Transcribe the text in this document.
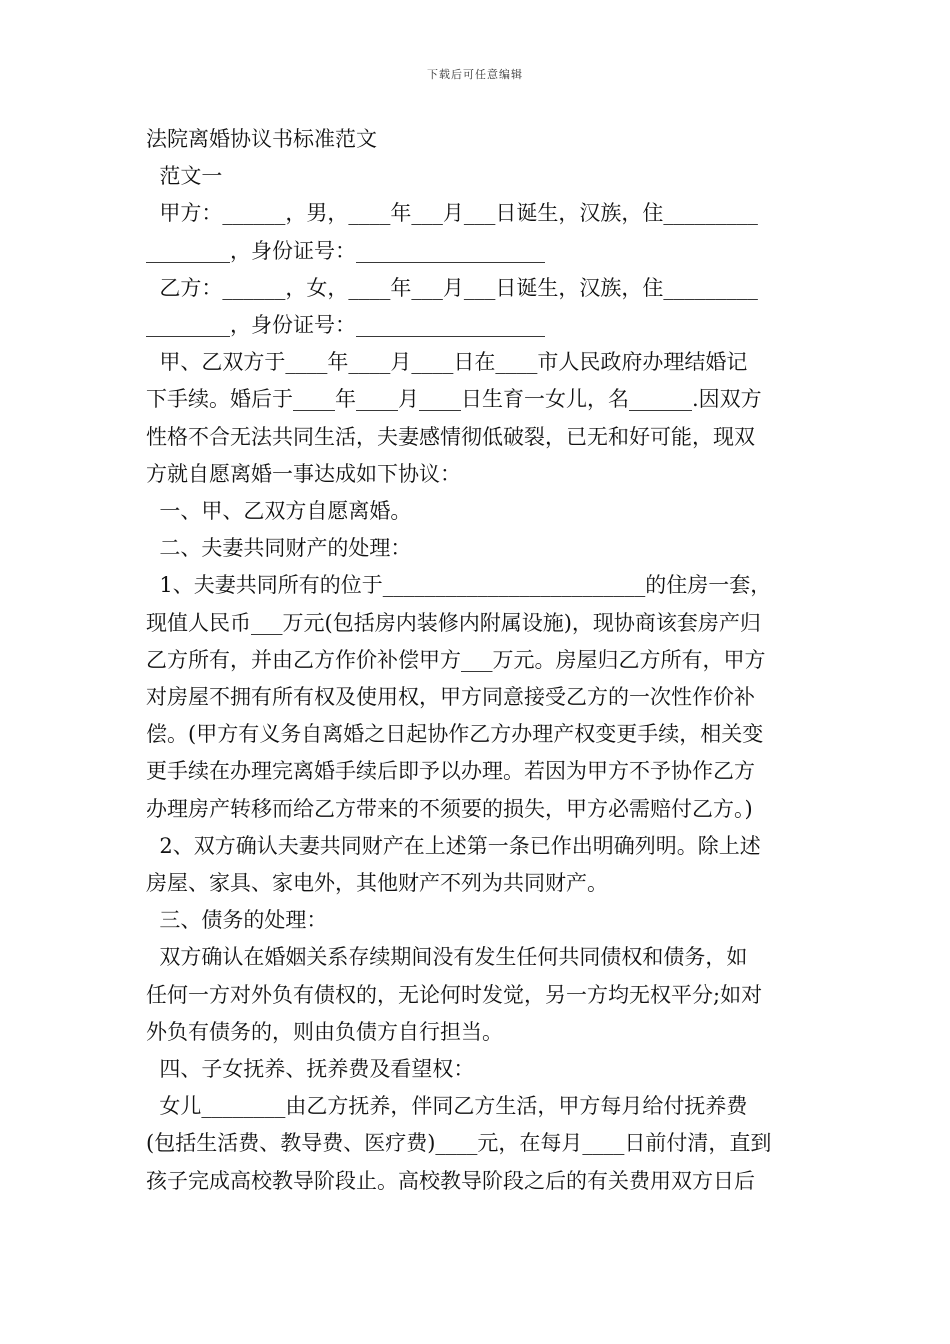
下载后可任意编辑

法院离婚协议书标准范文

范文一

甲方：______，男，____年___月___日诞生，汉族，住_________

________，身份证号：__________________

乙方：______，女，____年___月___日诞生，汉族，住_________

________，身份证号：__________________

甲、乙双方于____年____月____日在____市人民政府办理结婚记

下手续。婚后于____年____月____日生育一女儿，名______.因双方

性格不合无法共同生活，夫妻感情彻低破裂，已无和好可能，现双

方就自愿离婚一事达成如下协议：

一、甲、乙双方自愿离婚。

二、夫妻共同财产的处理：

1、夫妻共同所有的位于_________________________的住房一套，

现值人民币___万元(包括房内装修内附属设施)，现协商该套房产归

乙方所有，并由乙方作价补偿甲方___万元。房屋归乙方所有，甲方

对房屋不拥有所有权及使用权，甲方同意接受乙方的一次性作价补

偿。(甲方有义务自离婚之日起协作乙方办理产权变更手续，相关变

更手续在办理完离婚手续后即予以办理。若因为甲方不予协作乙方

办理房产转移而给乙方带来的不须要的损失，甲方必需赔付乙方。)

2、双方确认夫妻共同财产在上述第一条已作出明确列明。除上述

房屋、家具、家电外，其他财产不列为共同财产。

三、债务的处理：

双方确认在婚姻关系存续期间没有发生任何共同债权和债务，如

任何一方对外负有债权的，无论何时发觉，另一方均无权平分;如对

外负有债务的，则由负债方自行担当。

四、子女抚养、抚养费及看望权：

女儿________由乙方抚养，伴同乙方生活，甲方每月给付抚养费

(包括生活费、教导费、医疗费)____元，在每月____日前付清，直到

孩子完成高校教导阶段止。高校教导阶段之后的有关费用双方日后
